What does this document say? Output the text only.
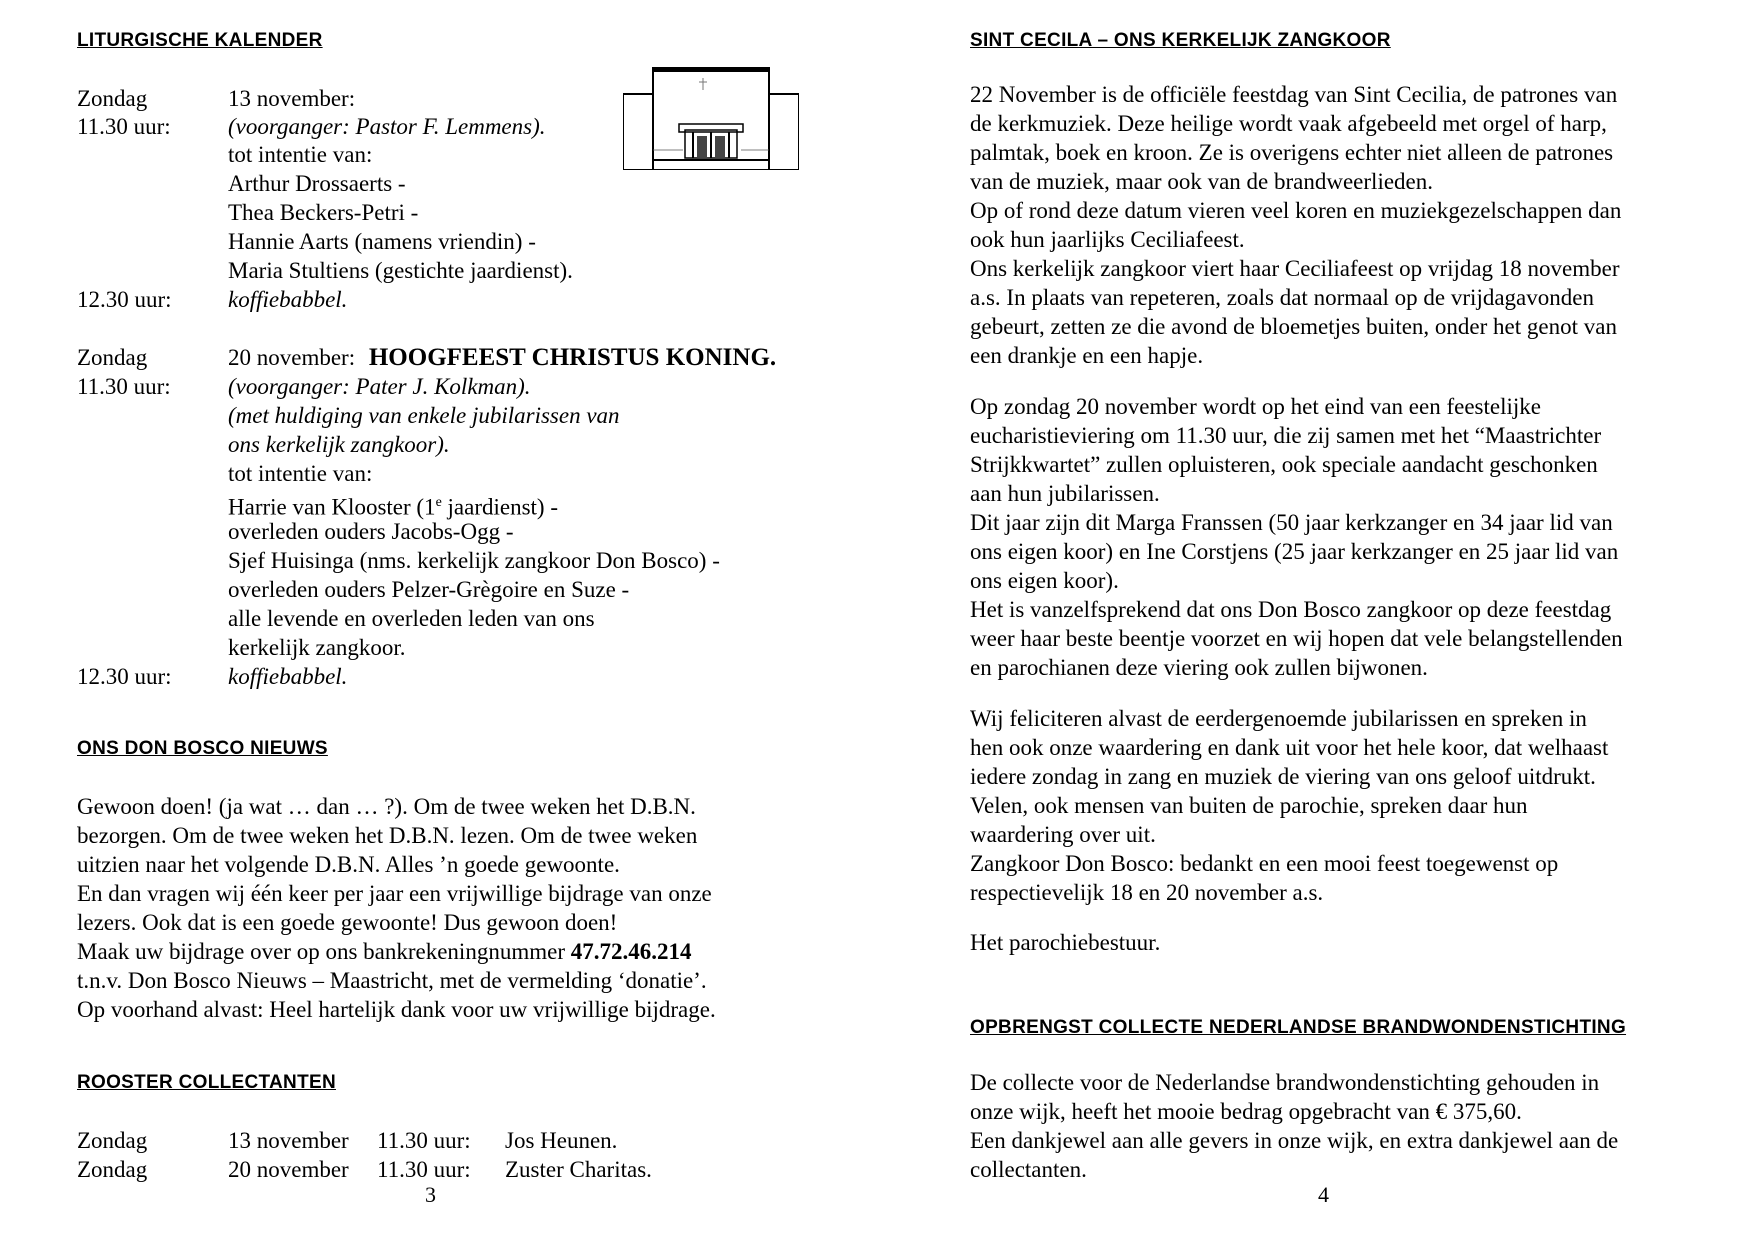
LITURGISCHE KALENDER
Zondag	13 november:
11.30 uur: (voorganger: Pastor F. Lemmens).
tot intentie van:
Arthur Drossaerts -
Thea Beckers-Petri -
Hannie Aarts (namens vriendin) -
Maria Stultiens (gestichte jaardienst).
12.30 uur: koffiebabbel.
Zondag	20 november: HOOGFEEST CHRISTUS KONING.
11.30 uur: (voorganger: Pater J. Kolkman).
(met huldiging van enkele jubilarissen van
ons kerkelijk zangkoor).
tot intentie van:
Harrie van Klooster (1e jaardienst) -
overleden ouders Jacobs-Ogg -
Sjef Huisinga (nms. kerkelijk zangkoor Don Bosco) -
overleden ouders Pelzer-Grègoire en Suze -
alle levende en overleden leden van ons
kerkelijk zangkoor.
12.30 uur: koffiebabbel.
ONS DON BOSCO NIEUWS
Gewoon doen! (ja wat … dan … ?). Om de twee weken het D.B.N.
bezorgen. Om de twee weken het D.B.N. lezen. Om de twee weken
uitzien naar het volgende D.B.N. Alles ’n goede gewoonte.
En dan vragen wij één keer per jaar een vrijwillige bijdrage van onze
lezers. Ook dat is een goede gewoonte! Dus gewoon doen!
Maak uw bijdrage over op ons bankrekeningnummer 47.72.46.214
t.n.v. Don Bosco Nieuws – Maastricht, met de vermelding ‘donatie’.
Op voorhand alvast: Heel hartelijk dank voor uw vrijwillige bijdrage.
ROOSTER COLLECTANTEN
Zondag	13 november 11.30 uur: Jos Heunen.
Zondag	20 november 11.30 uur: Zuster Charitas.
3
SINT CECILA – ONS KERKELIJK ZANGKOOR
22 November is de officiële feestdag van Sint Cecilia, de patrones van
de kerkmuziek. Deze heilige wordt vaak afgebeeld met orgel of harp,
palmtak, boek en kroon. Ze is overigens echter niet alleen de patrones
van de muziek, maar ook van de brandweerlieden.
Op of rond deze datum vieren veel koren en muziekgezelschappen dan
ook hun jaarlijks Ceciliafeest.
Ons kerkelijk zangkoor viert haar Ceciliafeest op vrijdag 18 november
a.s. In plaats van repeteren, zoals dat normaal op de vrijdagavonden
gebeurt, zetten ze die avond de bloemetjes buiten, onder het genot van
een drankje en een hapje.
Op zondag 20 november wordt op het eind van een feestelijke
eucharistieviering om 11.30 uur, die zij samen met het “Maastrichter
Strijkkwartet” zullen opluisteren, ook speciale aandacht geschonken
aan hun jubilarissen.
Dit jaar zijn dit Marga Franssen (50 jaar kerkzanger en 34 jaar lid van
ons eigen koor) en Ine Corstjens (25 jaar kerkzanger en 25 jaar lid van
ons eigen koor).
Het is vanzelfsprekend dat ons Don Bosco zangkoor op deze feestdag
weer haar beste beentje voorzet en wij hopen dat vele belangstellenden
en parochianen deze viering ook zullen bijwonen.
Wij feliciteren alvast de eerdergenoemde jubilarissen en spreken in
hen ook onze waardering en dank uit voor het hele koor, dat welhaast
iedere zondag in zang en muziek de viering van ons geloof uitdrukt.
Velen, ook mensen van buiten de parochie, spreken daar hun
waardering over uit.
Zangkoor Don Bosco: bedankt en een mooi feest toegewenst op
respectievelijk 18 en 20 november a.s.
Het parochiebestuur.
OPBRENGST COLLECTE NEDERLANDSE BRANDWONDENSTICHTING
De collecte voor de Nederlandse brandwondenstichting gehouden in
onze wijk, heeft het mooie bedrag opgebracht van € 375,60.
Een dankjewel aan alle gevers in onze wijk, en extra dankjewel aan de
collectanten.
4
